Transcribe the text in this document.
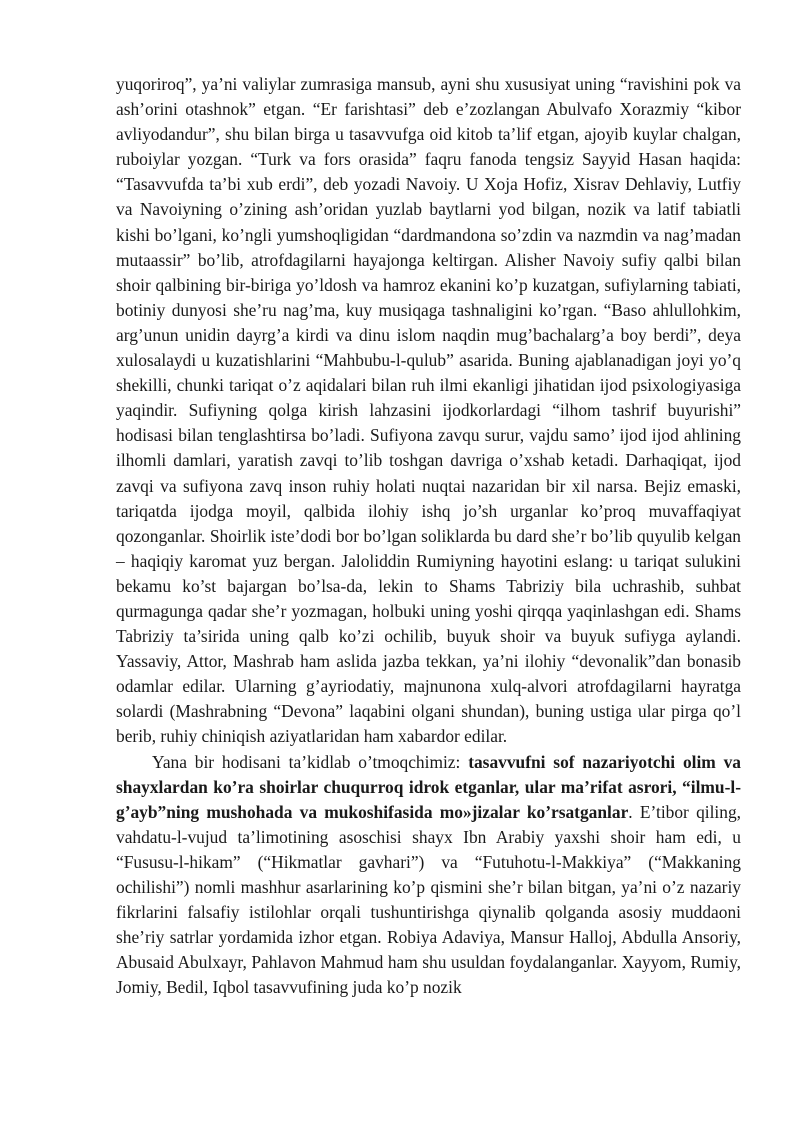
yuqoriroq”, ya’ni valiylar zumrasiga mansub, ayni shu xususiyat uning “ravishini pok va ash’orini otashnok” etgan. “Er farishtasi” deb e’zozlangan Abulvafo Xorazmiy “kibor avliyodandur”, shu bilan birga u tasavvufga oid kitob ta’lif etgan, ajoyib kuylar chalgan, ruboiylar yozgan. “Turk va fors orasida” faqru fanoda tengsiz Sayyid Hasan haqida: “Tasavvufda ta’bi xub erdi”, deb yozadi Navoiy. U Xoja Hofiz, Xisrav Dehlaviy, Lutfiy va Navoiyning o’zining ash’oridan yuzlab baytlarni yod bilgan, nozik va latif tabiatli kishi bo’lgani, ko’ngli yumshoqligidan “dardmandona so’zdin va nazmdin va nag’madan mutaassir” bo’lib, atrofdagilarni hayajonga keltirgan. Alisher Navoiy sufiy qalbi bilan shoir qalbining bir-biriga yo’ldosh va hamroz ekanini ko’p kuzatgan, sufiylarning tabiati, botiniy dunyosi she’ru nag’ma, kuy musiqaga tashnaligini ko’rgan. “Baso ahlullohkim, arg’unun unidin dayrg’a kirdi va dinu islom naqdin mug’bachalarg’a boy berdi”, deya xulosalaydi u kuzatishlarini “Mahbubu-l-qulub” asarida. Buning ajablanadigan joyi yo’q shekilli, chunki tariqat o’z aqidalari bilan ruh ilmi ekanligi jihatidan ijod psixologiyasiga yaqindir. Sufiyning qolga kirish lahzasini ijodkorlardagi “ilhom tashrif buyurishi” hodisasi bilan tenglashtirsa bo’ladi. Sufiyona zavqu surur, vajdu samo’ ijod ijod ahlining ilhomli damlari, yaratish zavqi to’lib toshgan davriga o’xshab ketadi. Darhaqiqat, ijod zavqi va sufiyona zavq inson ruhiy holati nuqtai nazaridan bir xil narsa. Bejiz emaski, tariqatda ijodga moyil, qalbida ilohiy ishq jo’sh urganlar ko’proq muvaffaqiyat qozonganlar. Shoirlik iste’dodi bor bo’lgan soliklarda bu dard she’r bo’lib quyulib kelgan – haqiqiy karomat yuz bergan. Jaloliddin Rumiyning hayotini eslang: u tariqat sulukini bekamu ko’st bajargan bo’lsa-da, lekin to Shams Tabriziy bila uchrashib, suhbat qurmagunga qadar she’r yozmagan, holbuki uning yoshi qirqqa yaqinlashgan edi. Shams Tabriziy ta’sirida uning qalb ko’zi ochilib, buyuk shoir va buyuk sufiyga aylandi. Yassaviy, Attor, Mashrab ham aslida jazba tekkan, ya’ni ilohiy “devonalik”dan bonasib odamlar edilar. Ularning g’ayriodatiy, majnunona xulq-alvori atrofdagilarni hayratga solardi (Mashrabning “Devona” laqabini olgani shundan), buning ustiga ular pirga qo’l berib, ruhiy chiniqish aziyatlaridan ham xabardor edilar.

Yana bir hodisani ta’kidlab o’tmoqchimiz: tasavvufni sof nazariyotchi olim va shayxlardan ko’ra shoirlar chuqurroq idrok etganlar, ular ma’rifat asrori, “ilmu-l-g’ayb”ning mushohada va mukoshifasida mo»jizalar ko’rsatganlar. E’tibor qiling, vahdatu-l-vujud ta’limotining asoschisi shayx Ibn Arabiy yaxshi shoir ham edi, u “Fususu-l-hikam” (“Hikmatlar gavhari”) va “Futuhotu-l-Makkiya” (“Makkaning ochilishi”) nomli mashhur asarlarining ko’p qismini she’r bilan bitgan, ya’ni o’z nazariy fikrlarini falsafiy istilohlar orqali tushuntirishga qiynalib qolganda asosiy muddaoni she’riy satrlar yordamida izhor etgan. Robiya Adaviya, Mansur Halloj, Abdulla Ansoriy, Abusaid Abulxayr, Pahlavon Mahmud ham shu usuldan foydalanganlar. Xayyom, Rumiy, Jomiy, Bedil, Iqbol tasavvufining juda ko’p nozik
